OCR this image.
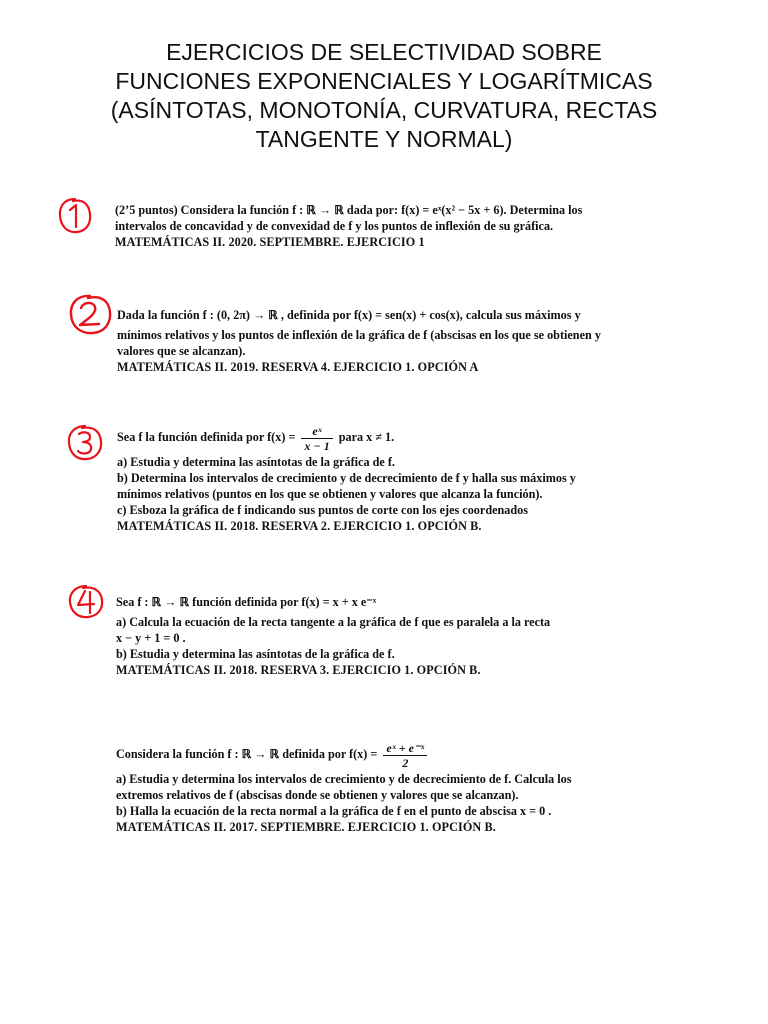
EJERCICIOS DE SELECTIVIDAD SOBRE
FUNCIONES EXPONENCIALES Y LOGARÍTMICAS
(ASÍNTOTAS, MONOTONÍA, CURVATURA, RECTAS
TANGENTE Y NORMAL)

(2’5 puntos) Considera la función f : ℝ → ℝ dada por: f(x) = eˣ(x² − 5x + 6). Determina los

intervalos de concavidad y de convexidad de f y los puntos de inflexión de su gráfica.

MATEMÁTICAS II. 2020. SEPTIEMBRE. EJERCICIO 1

Dada la función f : (0, 2π) → ℝ , definida por f(x) = sen(x) + cos(x), calcula sus máximos y

mínimos relativos y los puntos de inflexión de la gráfica de f (abscisas en los que se obtienen y

valores que se alcanzan).

MATEMÁTICAS II. 2019. RESERVA 4. EJERCICIO 1. OPCIÓN A

Sea f la función definida por $f(x) = \frac{\text{eˣ}}{x - 1}$ para x ≠ 1.

a) Estudia y determina las asíntotas de la gráfica de f.

b) Determina los intervalos de crecimiento y de decrecimiento de f y halla sus máximos y

mínimos relativos (puntos en los que se obtienen y valores que alcanza la función).

c) Esboza la gráfica de f indicando sus puntos de corte con los ejes coordenados

MATEMÁTICAS II. 2018. RESERVA 2. EJERCICIO 1. OPCIÓN B.

Sea f : ℝ → ℝ función definida por f(x) = x + x e⁻ˣ

a) Calcula la ecuación de la recta tangente a la gráfica de f que es paralela a la recta

x − y + 1 = 0 .

b) Estudia y determina las asíntotas de la gráfica de f.

MATEMÁTICAS II. 2018. RESERVA 3. EJERCICIO 1. OPCIÓN B.

Considera la función f : ℝ → ℝ definida por $f(x) = \frac{\text{eˣ + e⁻ˣ}}{2}$

a) Estudia y determina los intervalos de crecimiento y de decrecimiento de f. Calcula los

extremos relativos de f (abscisas donde se obtienen y valores que se alcanzan).

b) Halla la ecuación de la recta normal a la gráfica de f en el punto de abscisa x = 0 .

MATEMÁTICAS II. 2017. SEPTIEMBRE. EJERCICIO 1. OPCIÓN B.
